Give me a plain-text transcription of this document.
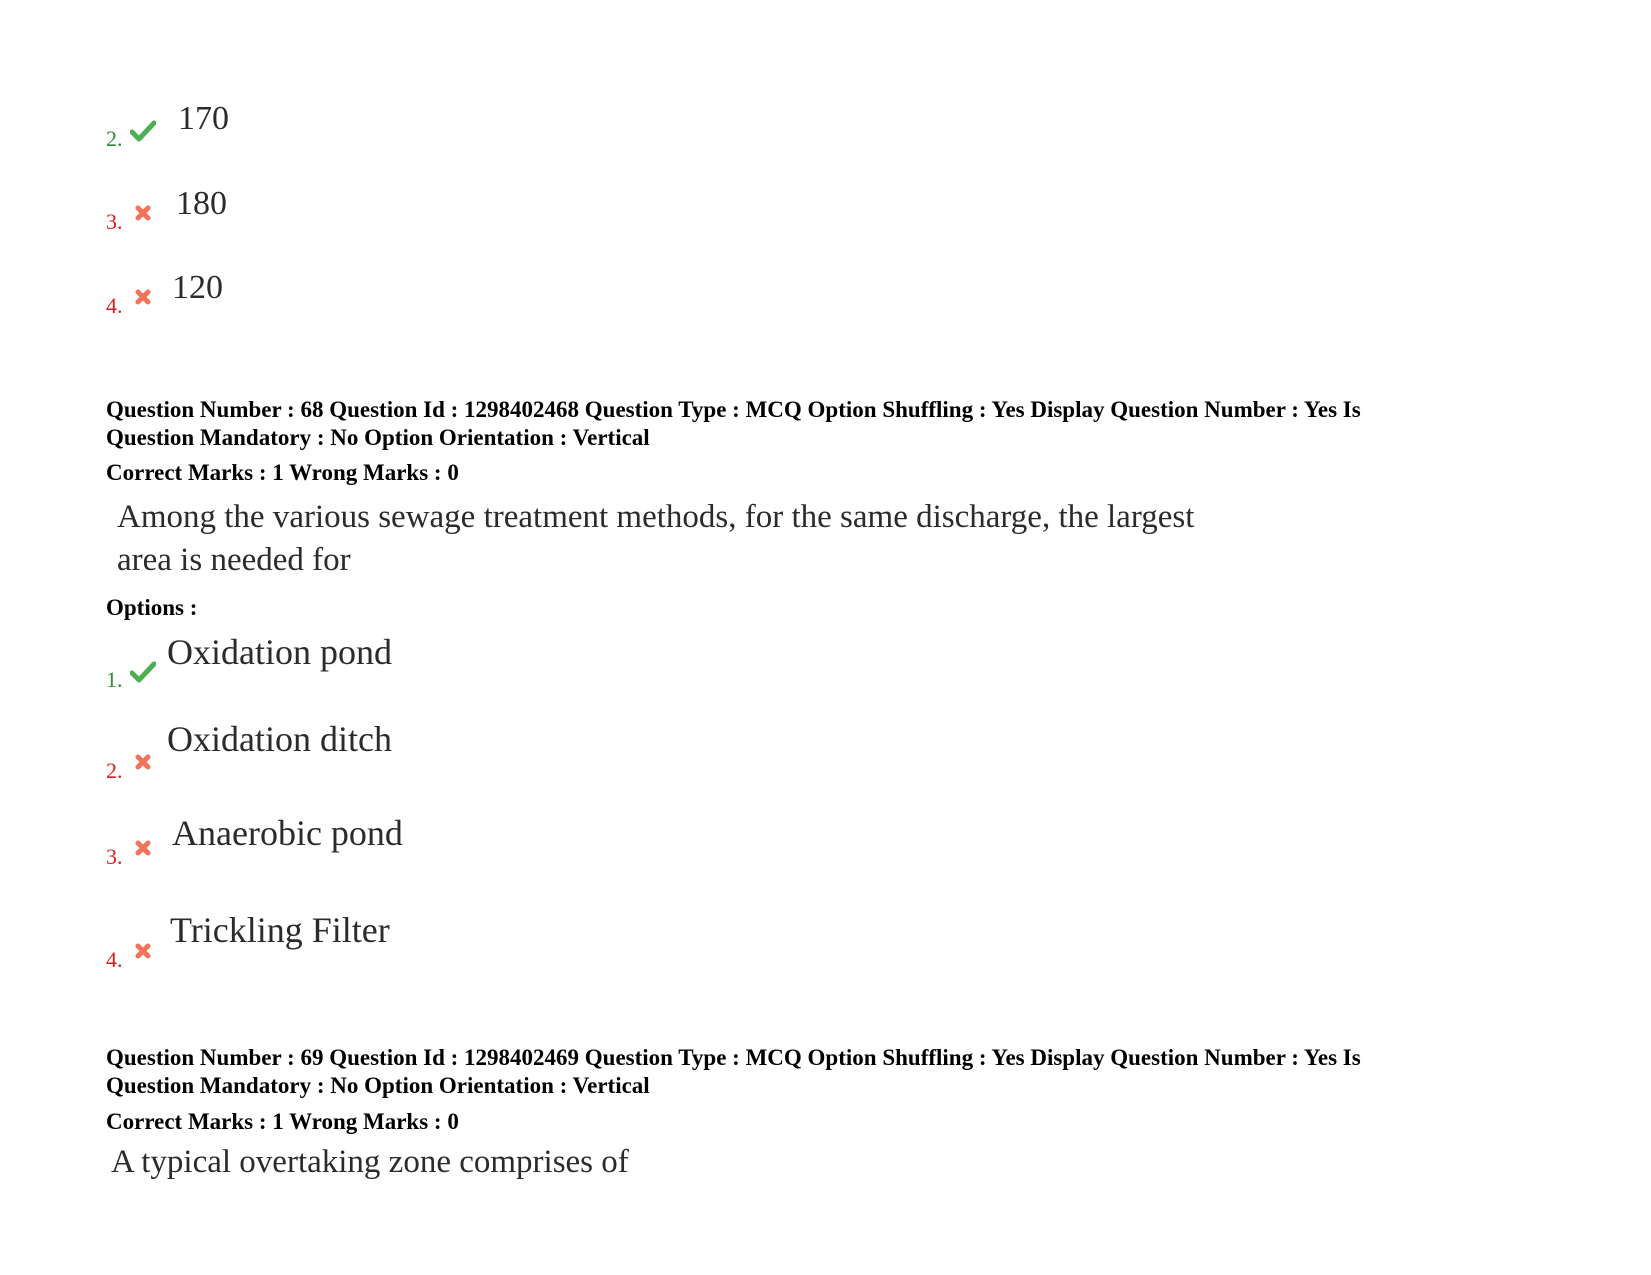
2.
170
3. 180
4. 120
Question Number : 68 Question Id : 1298402468 Question Type : MCQ Option Shuffling : Yes Display Question Number : Yes Is
Question Mandatory : No Option Orientation : Vertical
Correct Marks : 1 Wrong Marks : 0
Among the various sewage treatment methods, for the same discharge, the largest
area is needed for
Options :
1.
Oxidation pond
2.
Oxidation ditch
3.
Anaerobic pond
4.
Trickling Filter
Question Number : 69 Question Id : 1298402469 Question Type : MCQ Option Shuffling : Yes Display Question Number : Yes Is
Question Mandatory : No Option Orientation : Vertical
Correct Marks : 1 Wrong Marks : 0
A typical overtaking zone comprises of
